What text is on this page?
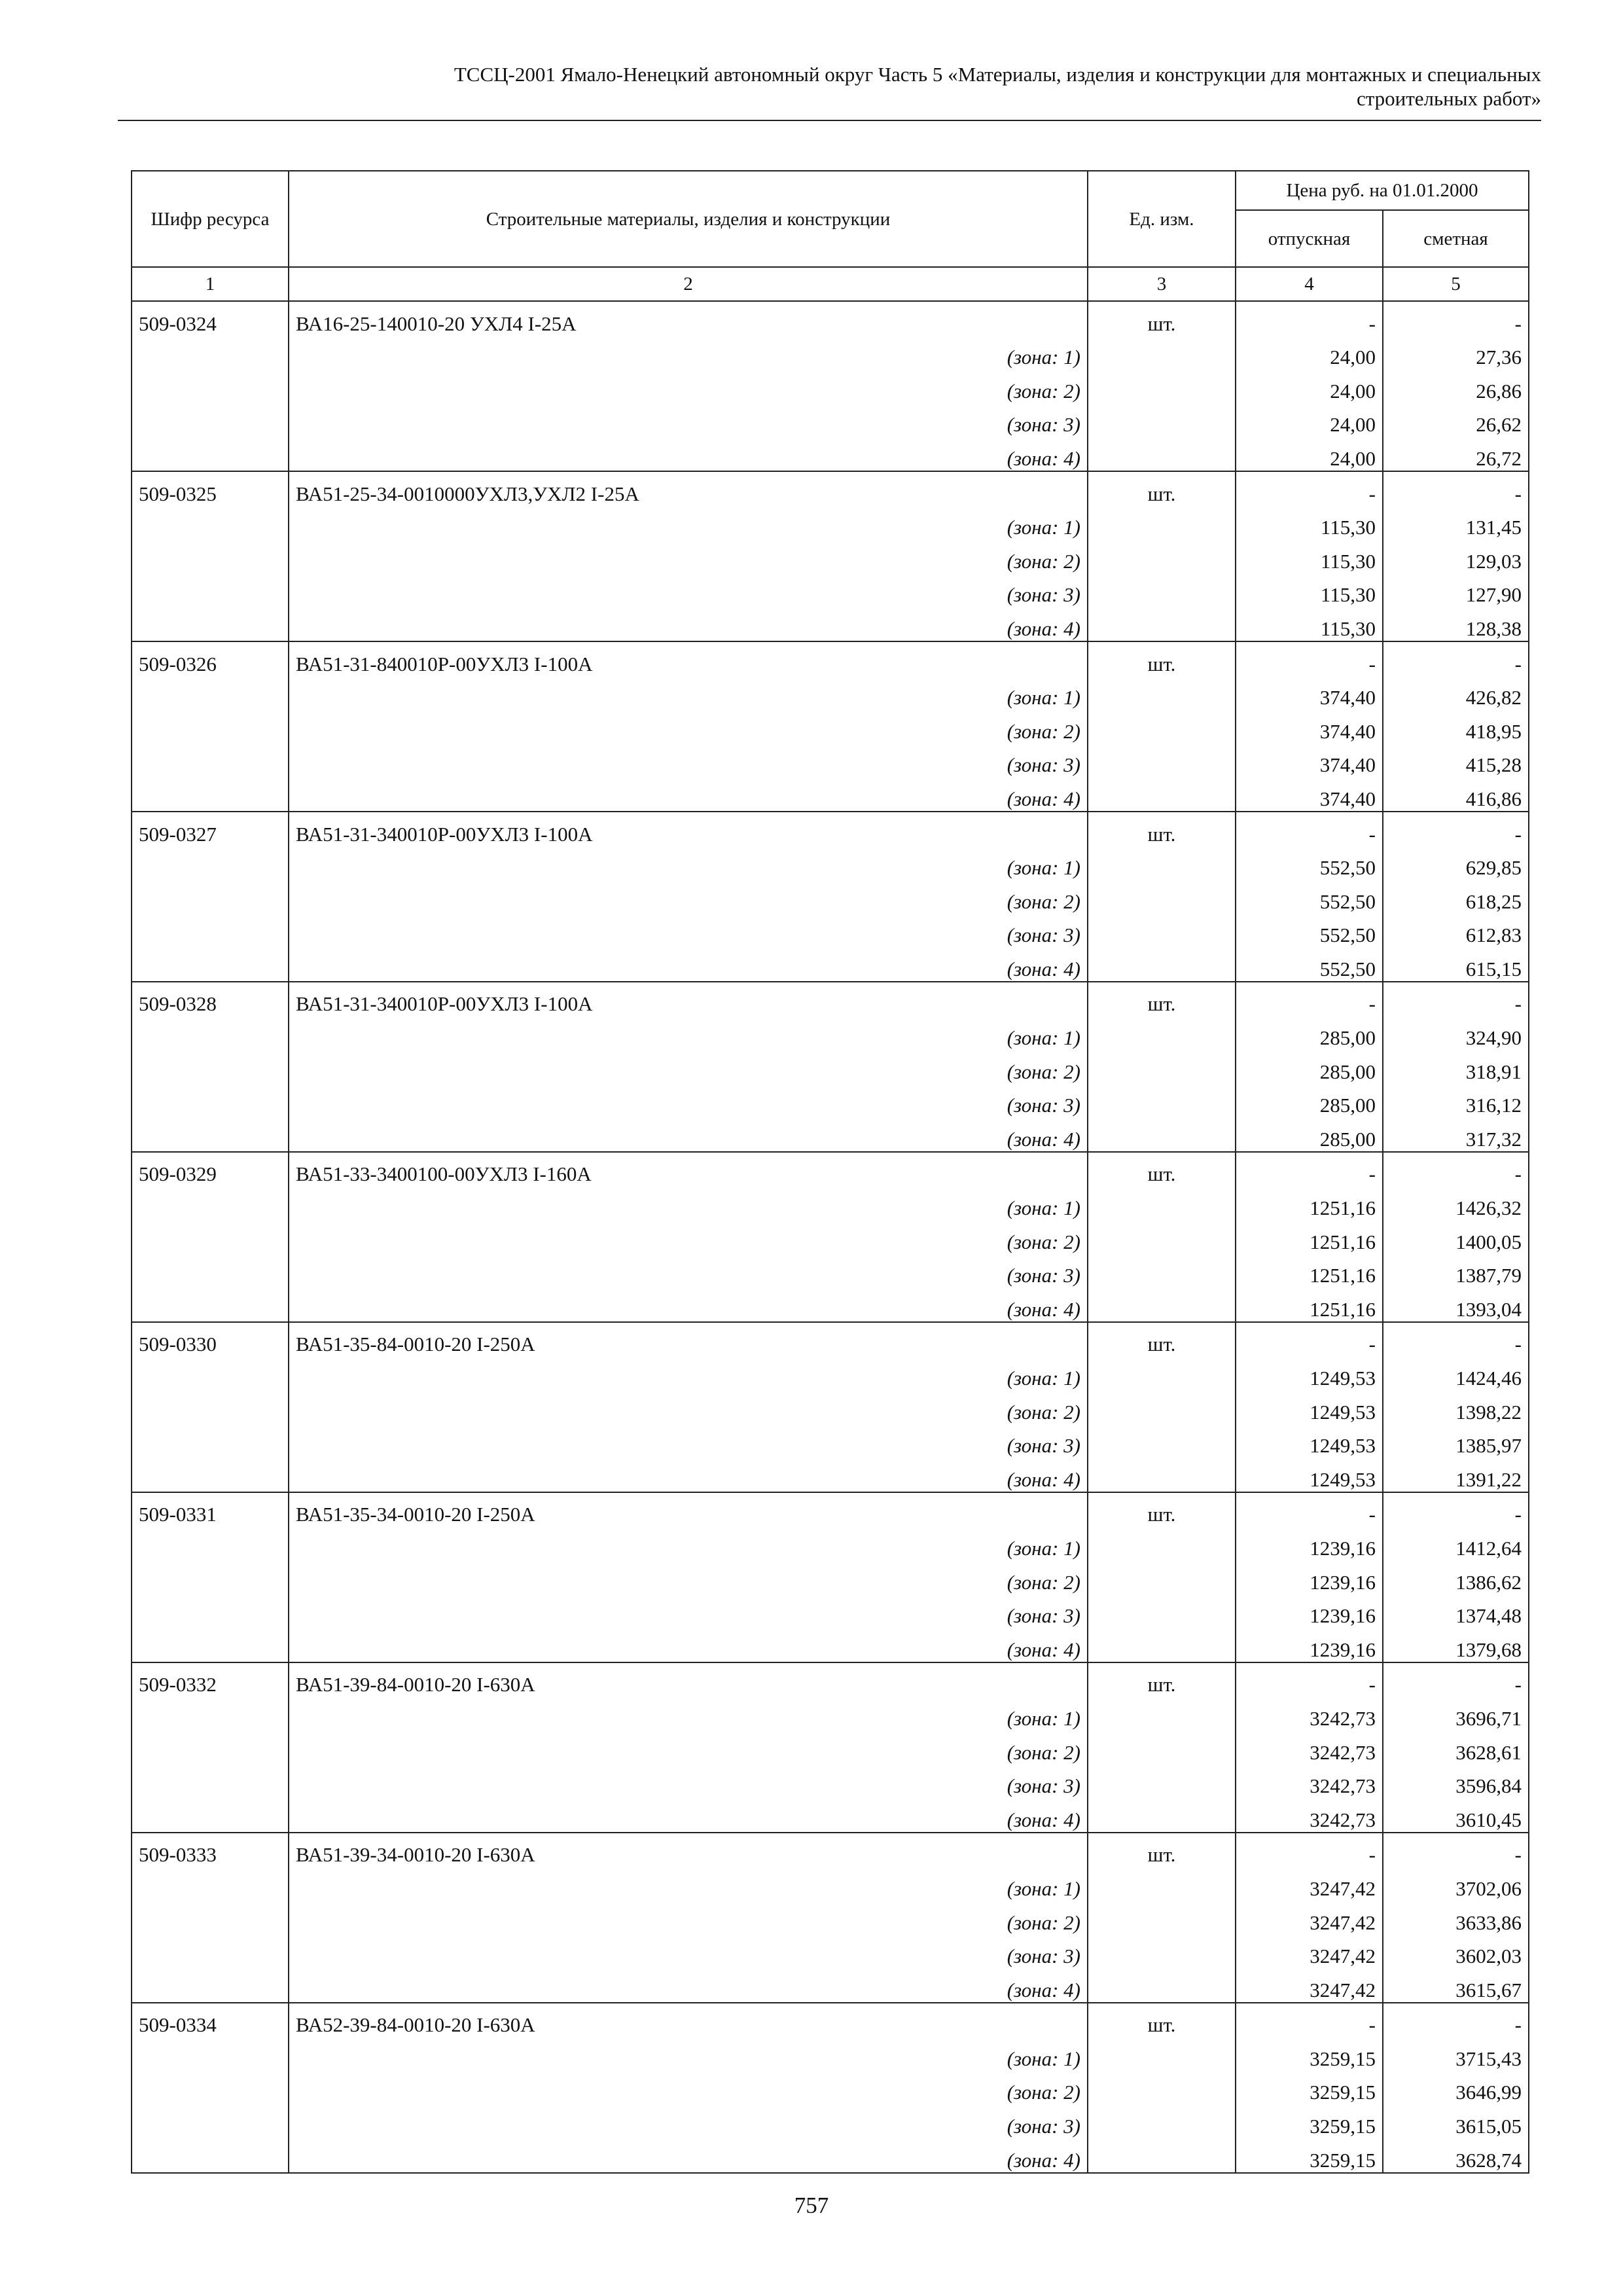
ТССЦ-2001 Ямало-Ненецкий автономный округ Часть 5 «Материалы, изделия и конструкции для монтажных и специальных
строительных работ»
Шифр ресурса	Строительные материалы, изделия и конструкции	Ед. изм.	Цена руб. на 01.01.2000	
			отпускная	сметная
1	2	3	4	5
509-0324	ВА16-25-140010-20 УХЛ4 I-25А	шт.	-	-
	(зона: 1)		24,00	27,36
	(зона: 2)		24,00	26,86
	(зона: 3)		24,00	26,62
	(зона: 4)		24,00	26,72
509-0325	ВА51-25-34-0010000УХЛ3,УХЛ2 I-25А	шт.	-	-
	(зона: 1)		115,30	131,45
	(зона: 2)		115,30	129,03
	(зона: 3)		115,30	127,90
	(зона: 4)		115,30	128,38
509-0326	ВА51-31-840010Р-00УХЛ3 I-100А	шт.	-	-
	(зона: 1)		374,40	426,82
	(зона: 2)		374,40	418,95
	(зона: 3)		374,40	415,28
	(зона: 4)		374,40	416,86
509-0327	ВА51-31-340010Р-00УХЛ3 I-100А	шт.	-	-
	(зона: 1)		552,50	629,85
	(зона: 2)		552,50	618,25
	(зона: 3)		552,50	612,83
	(зона: 4)		552,50	615,15
509-0328	ВА51-31-340010Р-00УХЛ3 I-100А	шт.	-	-
	(зона: 1)		285,00	324,90
	(зона: 2)		285,00	318,91
	(зона: 3)		285,00	316,12
	(зона: 4)		285,00	317,32
509-0329	ВА51-33-3400100-00УХЛ3 I-160А	шт.	-	-
	(зона: 1)		1251,16	1426,32
	(зона: 2)		1251,16	1400,05
	(зона: 3)		1251,16	1387,79
	(зона: 4)		1251,16	1393,04
509-0330	ВА51-35-84-0010-20 I-250А	шт.	-	-
	(зона: 1)		1249,53	1424,46
	(зона: 2)		1249,53	1398,22
	(зона: 3)		1249,53	1385,97
	(зона: 4)		1249,53	1391,22
509-0331	ВА51-35-34-0010-20 I-250А	шт.	-	-
	(зона: 1)		1239,16	1412,64
	(зона: 2)		1239,16	1386,62
	(зона: 3)		1239,16	1374,48
	(зона: 4)		1239,16	1379,68
509-0332	ВА51-39-84-0010-20 I-630А	шт.	-	-
	(зона: 1)		3242,73	3696,71
	(зона: 2)		3242,73	3628,61
	(зона: 3)		3242,73	3596,84
	(зона: 4)		3242,73	3610,45
509-0333	ВА51-39-34-0010-20 I-630А	шт.	-	-
	(зона: 1)		3247,42	3702,06
	(зона: 2)		3247,42	3633,86
	(зона: 3)		3247,42	3602,03
	(зона: 4)		3247,42	3615,67
509-0334	ВА52-39-84-0010-20 I-630А	шт.	-	-
	(зона: 1)		3259,15	3715,43
	(зона: 2)		3259,15	3646,99
	(зона: 3)		3259,15	3615,05
	(зона: 4)		3259,15	3628,74
757
